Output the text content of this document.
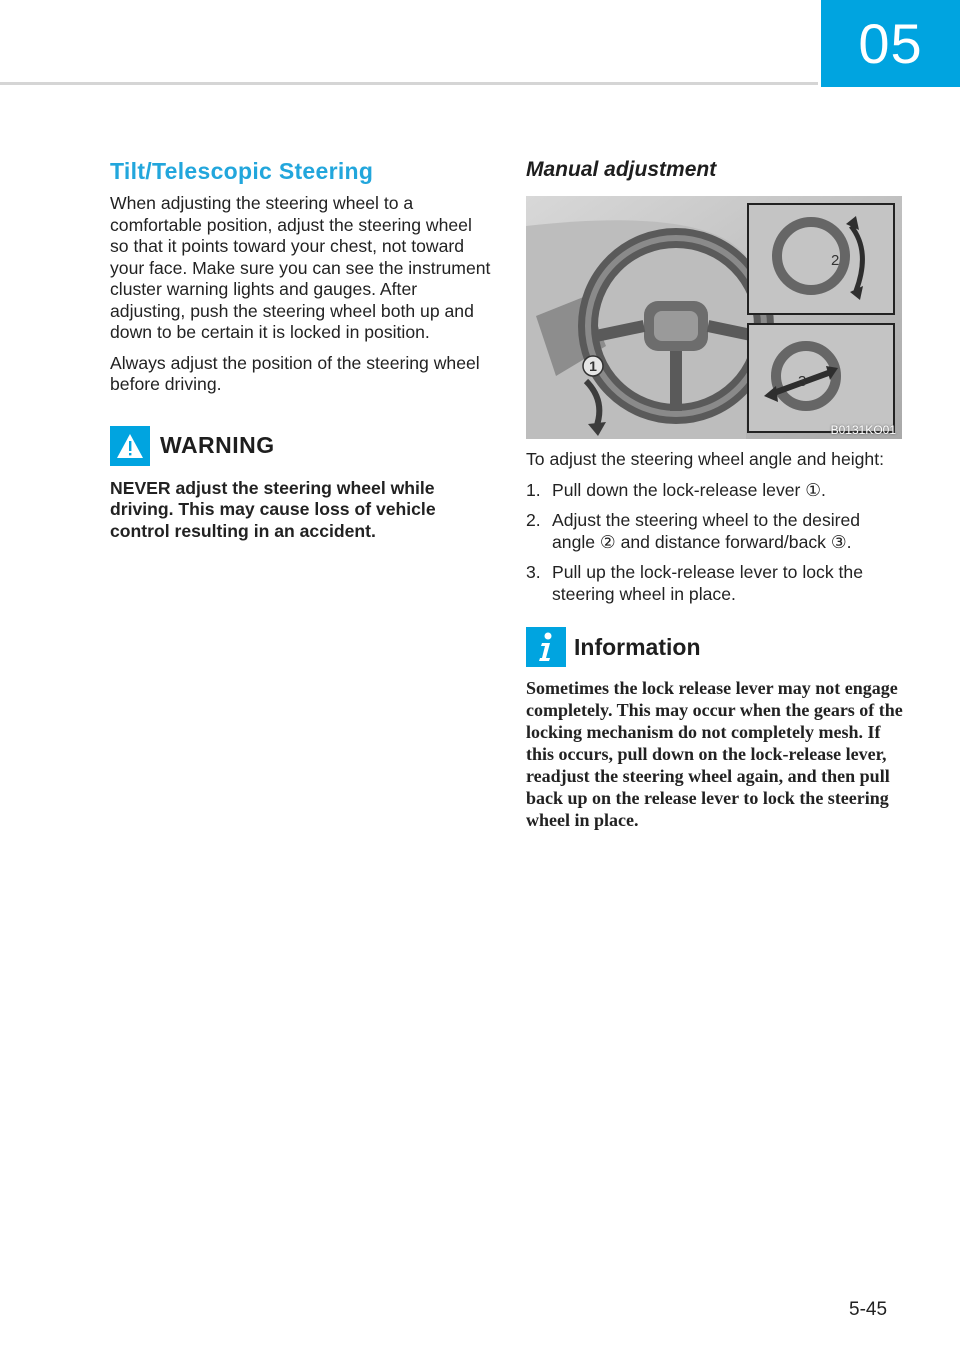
05
Tilt/Telescopic Steering

When adjusting the steering wheel to a comfortable position, adjust the steering wheel so that it points toward your chest, not toward your face. Make sure you can see the instrument cluster warning lights and gauges. After adjusting, push the steering wheel both up and down to be certain it is locked in position.

Always adjust the position of the steering wheel before driving.

WARNING

NEVER adjust the steering wheel while driving. This may cause loss of vehicle control resulting in an accident.

Manual adjustment
1
2
3
B0131KO01

To adjust the steering wheel angle and height:

1. Pull down the lock-release lever ①.
2. Adjust the steering wheel to the desired angle ② and distance forward/back ③.
3. Pull up the lock-release lever to lock the steering wheel in place.
Information

Sometimes the lock release lever may not engage completely. This may occur when the gears of the locking mechanism do not completely mesh. If this occurs, pull down on the lock-release lever, readjust the steering wheel again, and then pull back up on the release lever to lock the steering wheel in place.

5-45
